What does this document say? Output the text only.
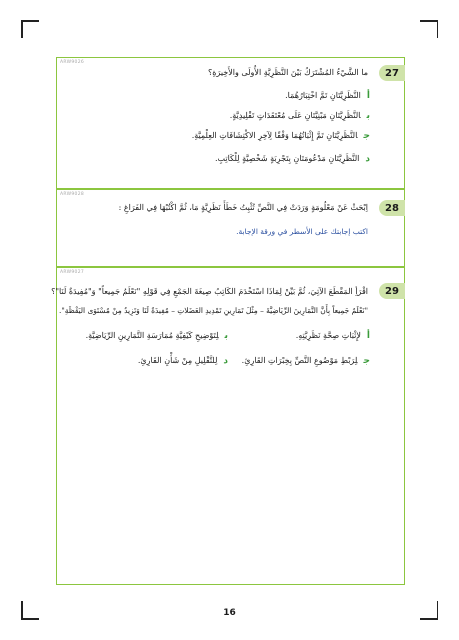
ARW9026
27
ما الشَّيْءُ المُشْتَرَكُ بَيْنَ النَّظَرِيَّةِ الأُولَى والأَخِيرَةِ؟
أالنَّظَرِيَّتَانِ تَمَّ اخْتِبَارُهُمَا.
بالنَّظَرِيَّتَانِ مَبْنِيَّتَانِ عَلَى مُعْتَقَدَاتٍ تَقْلِيدِيَّةٍ.
جالنَّظَرِيَّتَانِ تَمَّ إِثْبَاتُهُمَا وَفْقًا لِآخِرِ الاكْتِشَافَاتِ العِلْمِيَّةِ.
دالنَّظَرِيَّتَانِ مَدْعُومَتَانِ بِتَجْرِبَةٍ شَخْصِيَّةٍ لِلْكَاتِبِ.
ARW9028
28
اِبْحَثْ عَنْ مَعْلُومَةٍ وَرَدَتْ فِي النَّصِّ تُثْبِتُ خَطَأَ نَظَرِيَّةٍ مَا، ثُمَّ اكْتُبْهَا فِي الفَرَاغِ :
اكتب إجابتك على الأسطر في ورقة الإجابة.
ARW9027
29
اقْرَأِ المَقْطَعَ الآتِيَ، ثُمَّ بَيِّنْ لِمَاذَا اسْتَخْدَمَ الكَاتِبُ صِيغَةَ الجَمْعِ فِي قَوْلِهِ "نَعْلَمُ جَمِيعاً" وَ"مُفِيدَةٌ لَنَا"؟
"نَعْلَمُ جَمِيعاً بِأَنَّ التَّمَارِينَ الرِّيَاضِيَّةَ – مِثْلَ تَمَارِينِ تَمْدِيدِ العَضَلاتِ – مُفِيدَةٌ لَنَا وَتَزِيدُ مِنْ مُسْتَوَى اليَقْظَةِ".
ألإِثْبَاتِ صِحَّةِ نَظَرِيَّتِهِ.
بلِتَوْضِيحِ كَيْفِيَّةِ مُمَارَسَةِ التَّمَارِينِ الرِّيَاضِيَّةِ.
جلِرَبْطِ مَوْضُوعِ النَّصِّ بِخِبْرَاتِ القَارِئِ.
دلِلتَّقْلِيلِ مِنْ شَأْنِ القَارِئِ.
16
